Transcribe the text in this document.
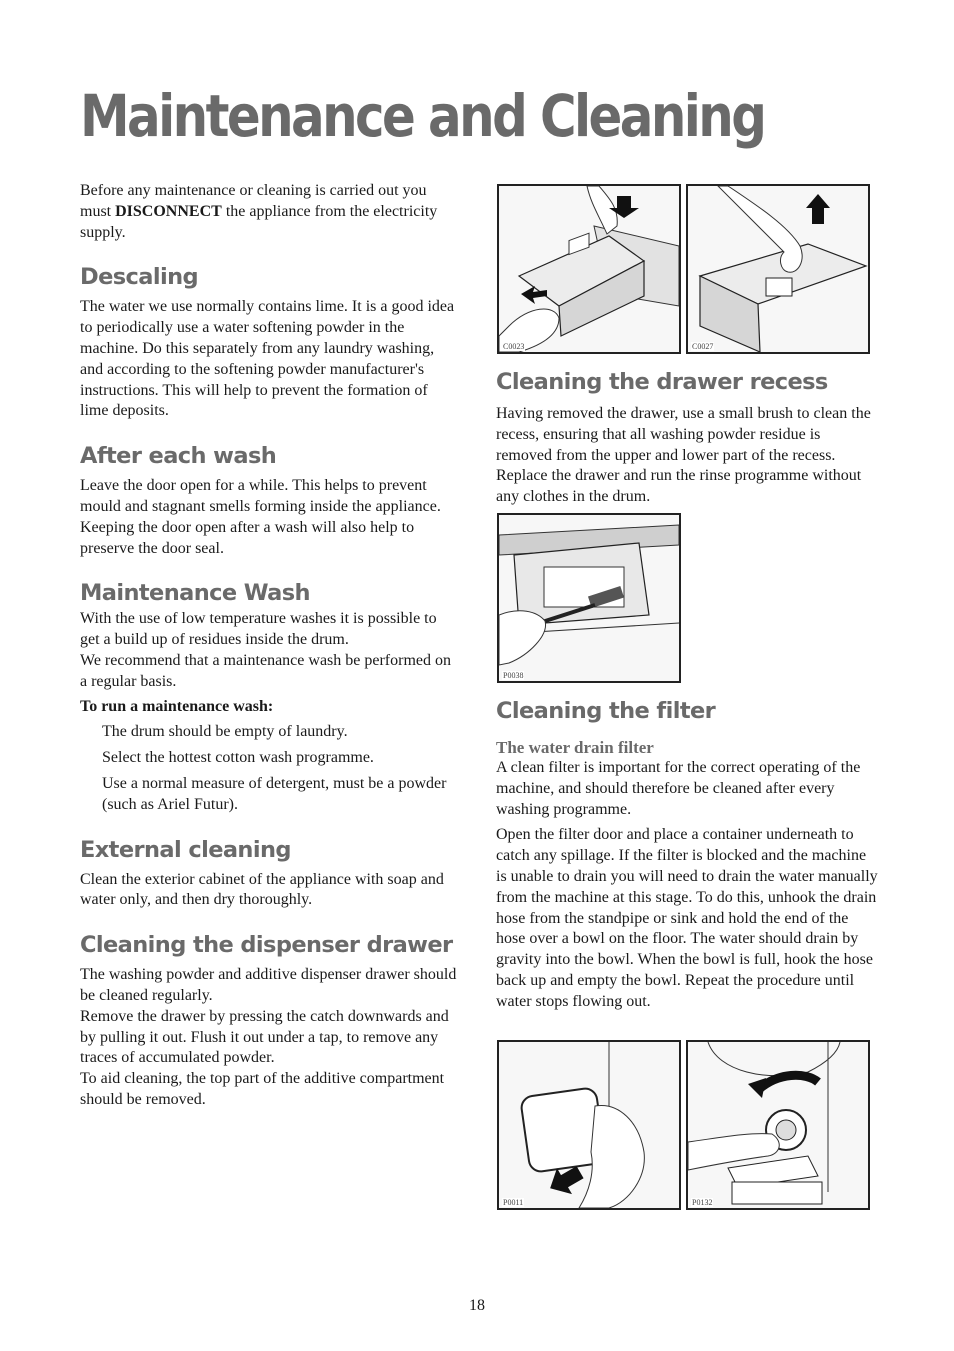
Maintenance and Cleaning

Before any maintenance or cleaning is carried out you must DISCONNECT the appliance from the electricity supply.

Descaling

The water we use normally contains lime. It is a good idea to periodically use a water softening powder in the machine. Do this separately from any laundry washing, and according to the softening powder manufacturer's instructions. This will help to prevent the formation of lime deposits.

After each wash

Leave the door open for a while. This helps to prevent mould and stagnant smells forming inside the appliance. Keeping the door open after a wash will also help to preserve the door seal.

Maintenance Wash

With the use of low temperature washes it is possible to get a build up of residues inside the drum.

We recommend that a maintenance wash be performed on a regular basis.

To run a maintenance wash:

The drum should be empty of laundry.

Select the hottest cotton wash programme.

Use a normal measure of detergent, must be a powder (such as Ariel Futur).

External cleaning

Clean the exterior cabinet of the appliance with soap and water only, and then dry thoroughly.

Cleaning the dispenser drawer

The washing powder and additive dispenser drawer should be cleaned regularly.

Remove the drawer by pressing the catch downwards and by pulling it out. Flush it out under a tap, to remove any traces of accumulated powder.

To aid cleaning, the top part of the additive compartment should be removed.

C0023	C0027
Cleaning the drawer recess

Having removed the drawer, use a small brush to clean the recess, ensuring that all washing powder residue is removed from the upper and lower part of the recess. Replace the drawer and run the rinse programme without any clothes in the drum.

P0038
Cleaning the filter
The water drain filter

A clean filter is important for the correct operating of the machine, and should therefore be cleaned after every washing programme.

Open the filter door and place a container underneath to catch any spillage. If the filter is blocked and the machine is unable to drain you will need to drain the water manually from the machine at this stage. To do this, unhook the drain hose from the standpipe or sink and hold the end of the hose over a bowl on the floor. The water should drain by gravity into the bowl. When the bowl is full, hook the hose back up and empty the bowl. Repeat the procedure until water stops flowing out.

P0011	P0132
18
